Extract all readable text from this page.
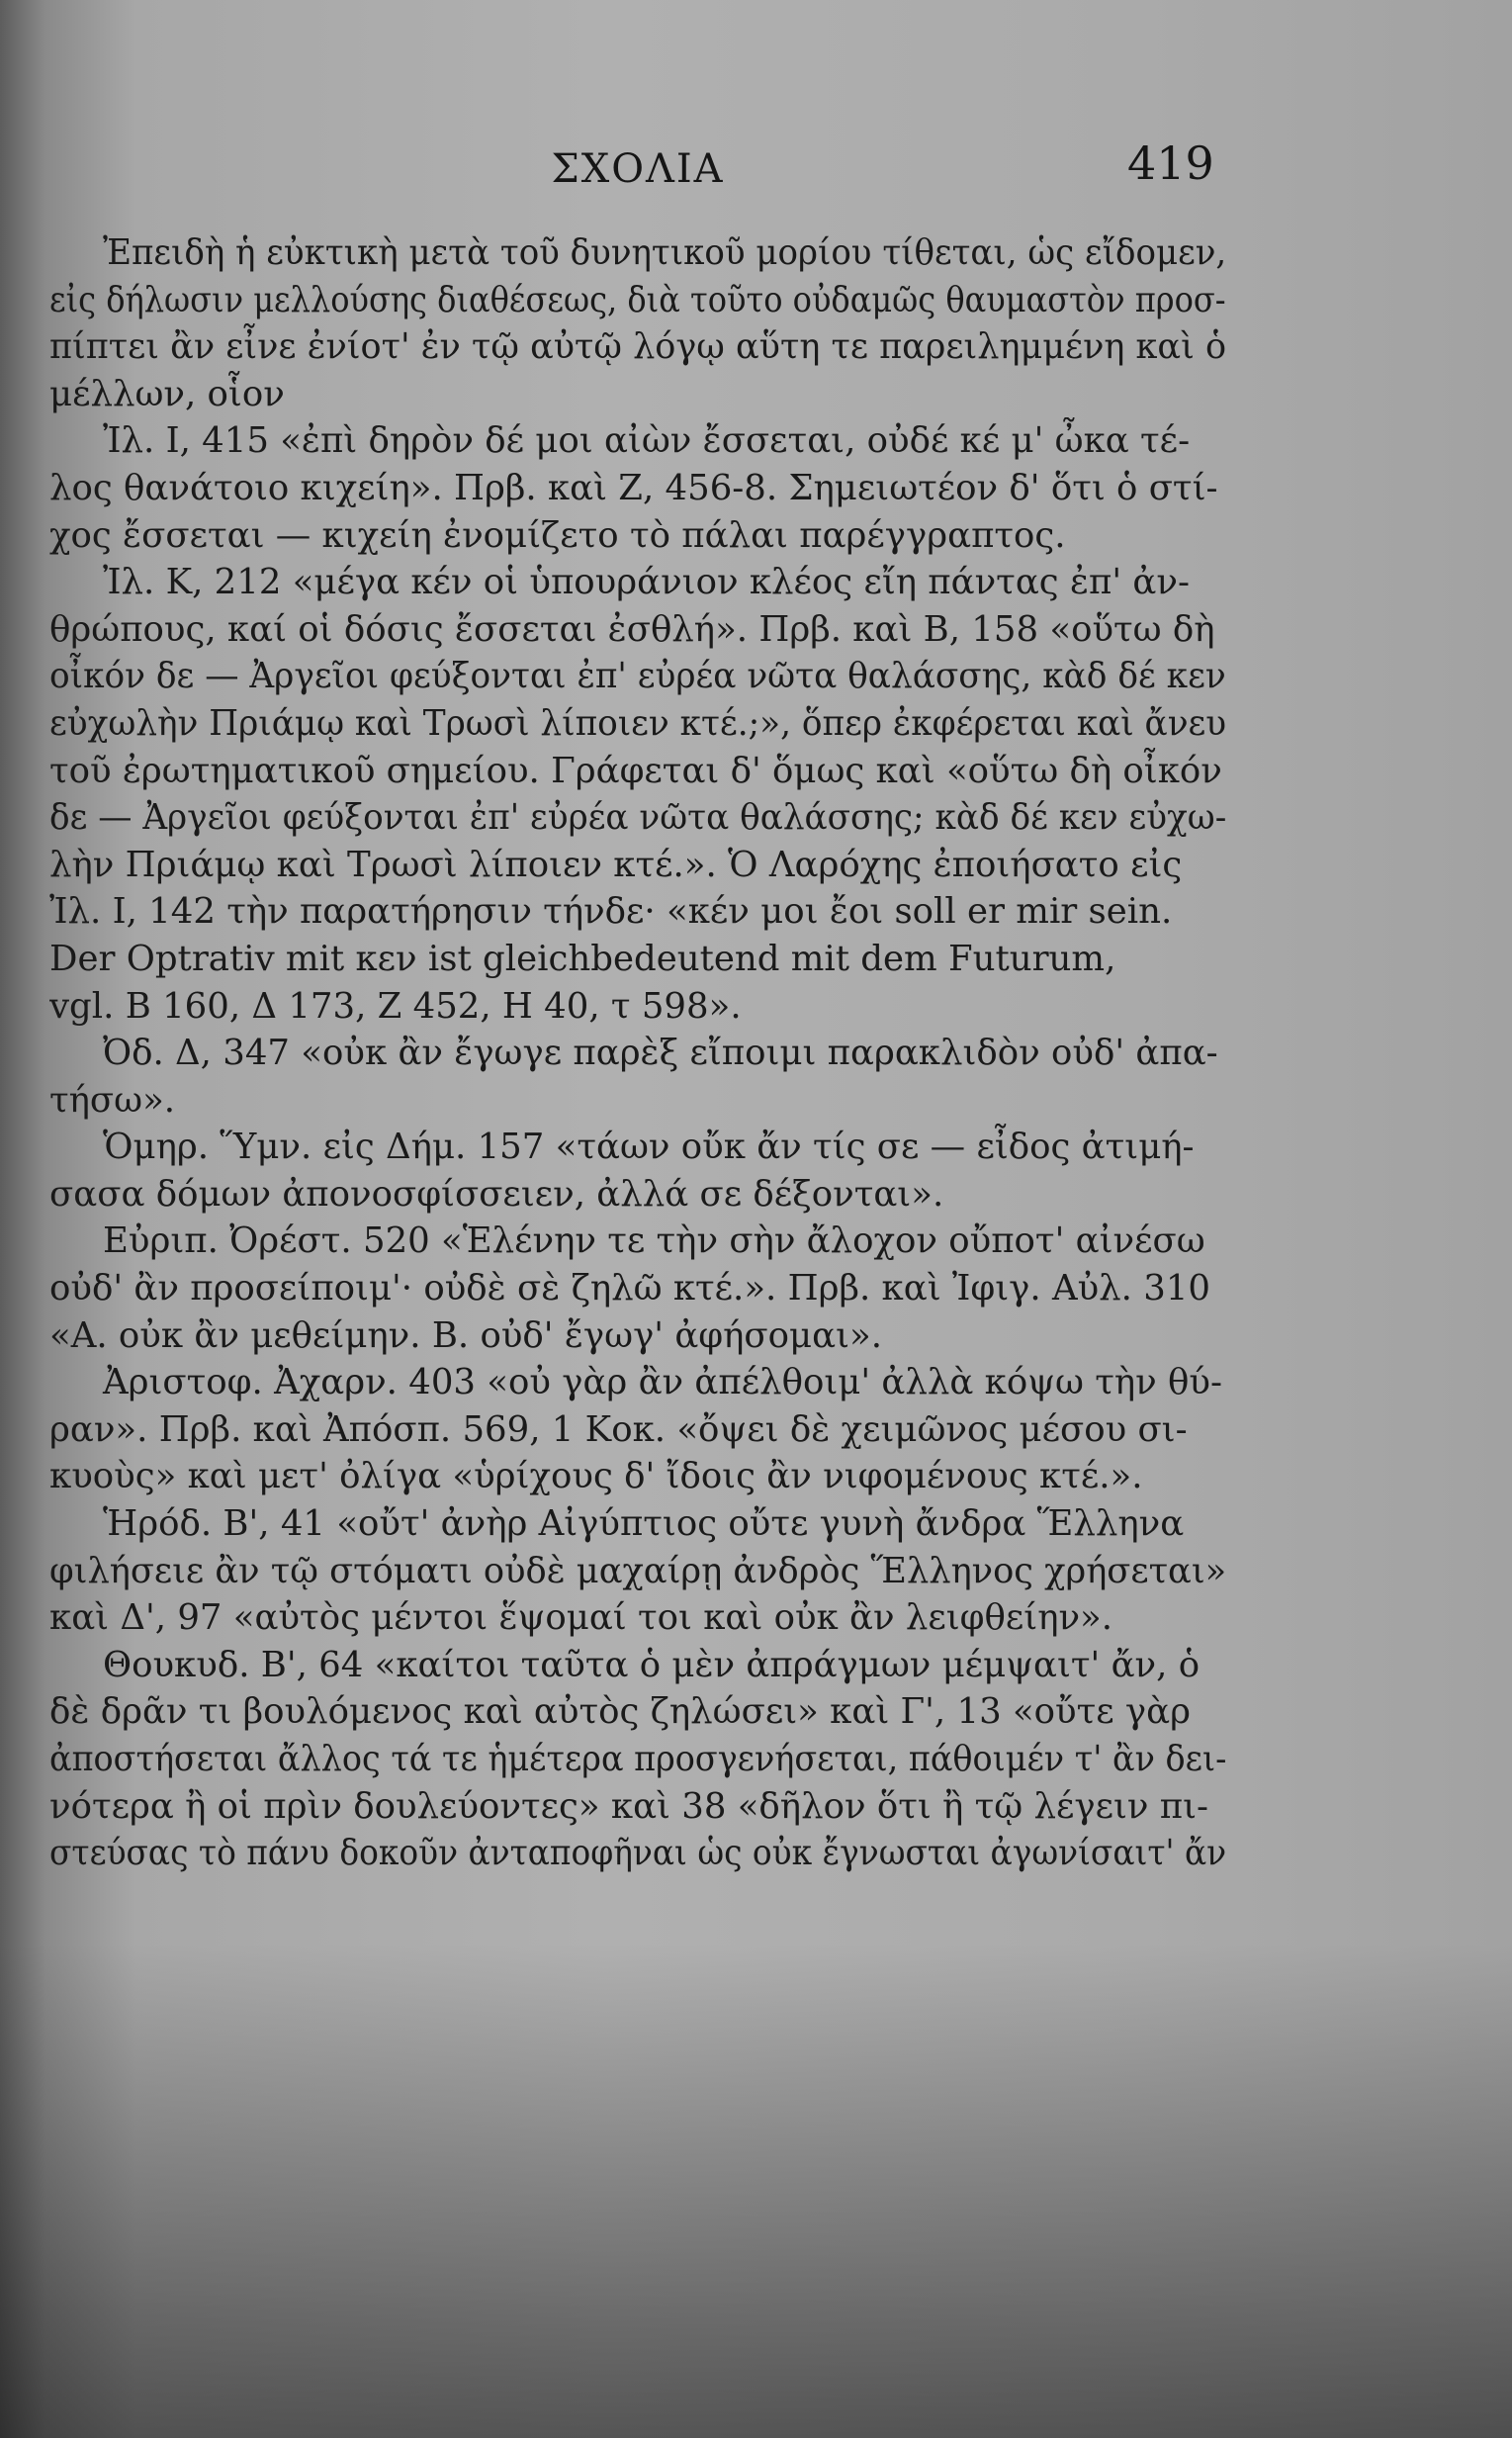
ΣΧΟΛΙΑ	419
Ἐπειδὴ ἡ εὐκτικὴ μετὰ τοῦ δυνητικοῦ μορίου τίθεται, ὡς εἴδομεν,
εἰς δήλωσιν μελλούσης διαθέσεως, διὰ τοῦτο οὐδαμῶς θαυμαστὸν προσ-
πίπτει ἂν εἶνε ἐνίοτ' ἐν τῷ αὐτῷ λόγῳ αὕτη τε παρειλημμένη καὶ ὁ
μέλλων, οἷον
Ἰλ. Ι, 415 «ἐπὶ δηρὸν δέ μοι αἰὼν ἔσσεται, οὐδέ κέ μ' ὦκα τέ-
λος θανάτοιο κιχείη». Πρβ. καὶ Ζ, 456-8. Σημειωτέον δ' ὅτι ὁ στί-
χος ἔσσεται — κιχείη ἐνομίζετο τὸ πάλαι παρέγγραπτος.
Ἰλ. Κ, 212 «μέγα κέν οἱ ὑπουράνιον κλέος εἴη πάντας ἐπ' ἀν-
θρώπους, καί οἱ δόσις ἔσσεται ἐσθλή». Πρβ. καὶ Β, 158 «οὕτω δὴ
οἶκόν δε — Ἀργεῖοι φεύξονται ἐπ' εὐρέα νῶτα θαλάσσης, κὰδ δέ κεν
εὐχωλὴν Πριάμῳ καὶ Τρωσὶ λίποιεν κτέ.;», ὅπερ ἐκφέρεται καὶ ἄνευ
τοῦ ἐρωτηματικοῦ σημείου. Γράφεται δ' ὅμως καὶ «οὕτω δὴ οἶκόν
δε — Ἀργεῖοι φεύξονται ἐπ' εὐρέα νῶτα θαλάσσης; κὰδ δέ κεν εὐχω-
λὴν Πριάμῳ καὶ Τρωσὶ λίποιεν κτέ.». Ὁ Λαρόχης ἐποιήσατο εἰς
Ἰλ. Ι, 142 τὴν παρατήρησιν τήνδε· «κέν μοι ἔοι soll er mir sein.
Der Optrativ mit κεν ist gleichbedeutend mit dem Futurum,
vgl. B 160, Δ 173, Z 452, H 40, τ 598».
Ὀδ. Δ, 347 «οὐκ ἂν ἔγωγε παρὲξ εἴποιμι παρακλιδὸν οὐδ' ἀπα-
τήσω».
Ὁμηρ. Ὕμν. εἰς Δήμ. 157 «τάων οὔκ ἄν τίς σε — εἶδος ἀτιμή-
σασα δόμων ἀπονοσφίσσειεν, ἀλλά σε δέξονται».
Εὐριπ. Ὀρέστ. 520 «Ἑλένην τε τὴν σὴν ἄλοχον οὔποτ' αἰνέσω
οὐδ' ἂν προσείποιμ'· οὐδὲ σὲ ζηλῶ κτέ.». Πρβ. καὶ Ἰφιγ. Αὐλ. 310
«Α. οὐκ ἂν μεθείμην. Β. οὐδ' ἔγωγ' ἀφήσομαι».
Ἀριστοφ. Ἀχαρν. 403 «οὐ γὰρ ἂν ἀπέλθοιμ' ἀλλὰ κόψω τὴν θύ-
ραν». Πρβ. καὶ Ἀπόσπ. 569, 1 Κοκ. «ὄψει δὲ χειμῶνος μέσου σι-
κυοὺς» καὶ μετ' ὀλίγα «ὑρίχους δ' ἴδοις ἂν νιφομένους κτέ.».
Ἡρόδ. Β', 41 «οὔτ' ἀνὴρ Αἰγύπτιος οὔτε γυνὴ ἄνδρα Ἕλληνα
φιλήσειε ἂν τῷ στόματι οὐδὲ μαχαίρῃ ἀνδρὸς Ἕλληνος χρήσεται»
καὶ Δ', 97 «αὐτὸς μέντοι ἕψομαί τοι καὶ οὐκ ἂν λειφθείην».
Θουκυδ. Β', 64 «καίτοι ταῦτα ὁ μὲν ἀπράγμων μέμψαιτ' ἄν, ὁ
δὲ δρᾶν τι βουλόμενος καὶ αὐτὸς ζηλώσει» καὶ Γ', 13 «οὔτε γὰρ
ἀποστήσεται ἄλλος τά τε ἡμέτερα προσγενήσεται, πάθοιμέν τ' ἂν δει-
νότερα ἢ οἱ πρὶν δουλεύοντες» καὶ 38 «δῆλον ὅτι ἢ τῷ λέγειν πι-
στεύσας τὸ πάνυ δοκοῦν ἀνταποφῆναι ὡς οὐκ ἔγνωσται ἀγωνίσαιτ' ἄν
